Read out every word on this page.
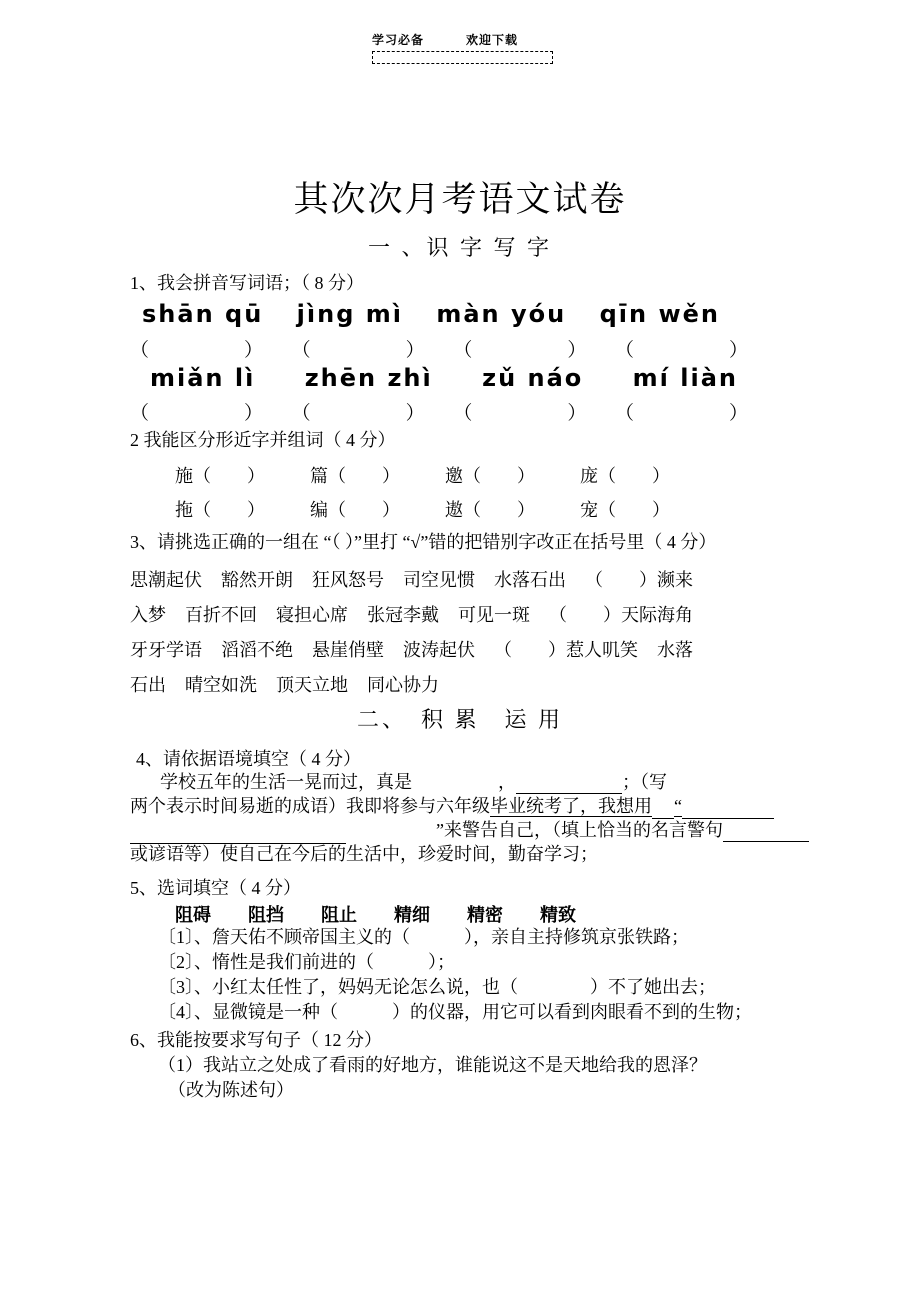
学习必备	欢迎下载
其次次月考语文试卷
一 、识 字 写 字
1、我会拼音写词语；（ 8 分）
shān qū jìng mì màn yóu qīn wěn
（　　　　　） （　　　　　） （　　　　　） （　　　　　）
miǎn lì zhēn zhì zǔ náo mí liàn
（　　　　　） （　　　　　） （　　　　　） （　　　　　）
2 我能区分形近字并组词（ 4 分）
施（　　）	篇（　　）	邀（　　）	庞（　　）
拖（　　）	编（　　）	遨（　　）	宠（　　）
3、请挑选正确的一组在 “（ ）”里打 “√”错的把错别字改正在括号里（ 4 分）
思潮起伏 豁然开朗 狂风怒号 司空见惯 水落石出 （　　）濒来
入梦 百折不回 寝担心席 张冠李戴 可见一斑 （　　）天际海角
牙牙学语 滔滔不绝 悬崖俏壁 波涛起伏 （　　）惹人叽笑 水落
石出 晴空如洗 顶天立地 同心协力
二、　积 累　运 用
4、请依据语境填空（ 4 分）
学校五年的生活一晃而过，真是	，	；（写
两个表示时间易逝的成语）我即将参与六年级毕业统考了，我想用 “
”来警告自己，（填上恰当的名言警句
或谚语等）使自己在今后的生活中，珍爱时间，勤奋学习；
5、选词填空（ 4 分）
阻碍 阻挡 阻止 精细 精密 精致
〔1〕、詹天佑不顾帝国主义的（　　　），亲自主持修筑京张铁路；
〔2〕、惰性是我们前进的（　　　）；
〔3〕、小红太任性了，妈妈无论怎么说，也（　　　　）不了她出去；
〔4〕、显微镜是一种（　　　）的仪器，用它可以看到肉眼看不到的生物；
6、我能按要求写句子（ 12 分）
（1）我站立之处成了看雨的好地方，谁能说这不是天地给我的恩泽？
（改为陈述句）
